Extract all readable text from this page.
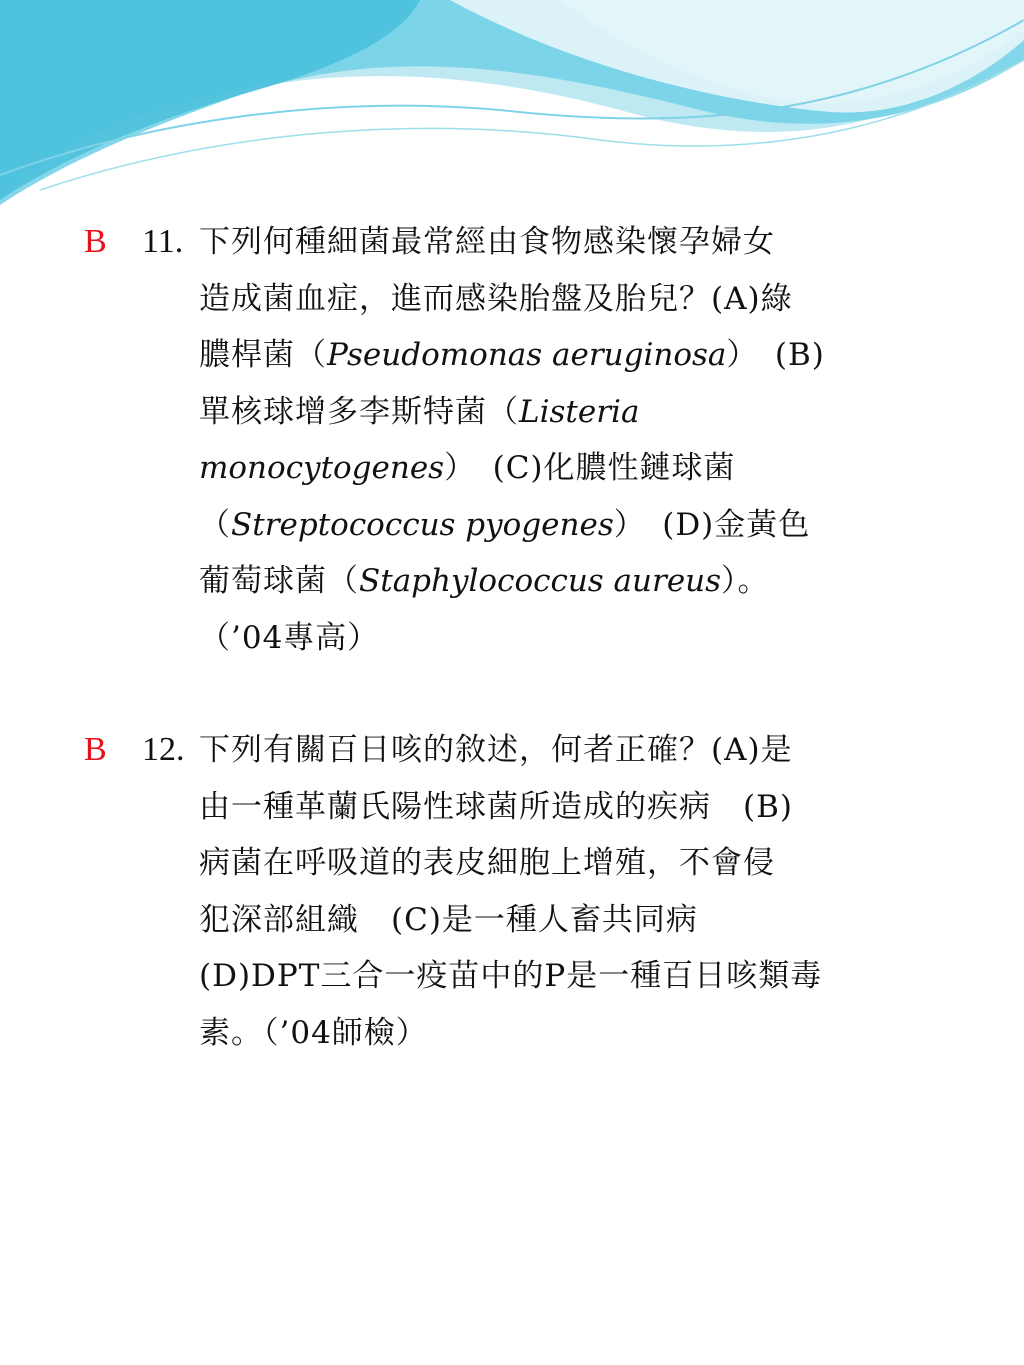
B 11. 下列何種細菌最常經由食物感染懷孕婦女
造成菌血症，進而感染胎盤及胎兒？(A)綠
膿桿菌（Pseudomonas aeruginosa）　(B)
單核球增多李斯特菌（Listeria
monocytogenes）　(C)化膿性鏈球菌
（Streptococcus pyogenes）　(D)金黃色
葡萄球菌（Staphylococcus aureus）。
（’04專高）

B 12. 下列有關百日咳的敘述，何者正確？(A)是
由一種革蘭氏陽性球菌所造成的疾病　(B)
病菌在呼吸道的表皮細胞上增殖，不會侵
犯深部組織　(C)是一種人畜共同病
(D)DPT三合一疫苗中的P是一種百日咳類毒
素。（’04師檢）
